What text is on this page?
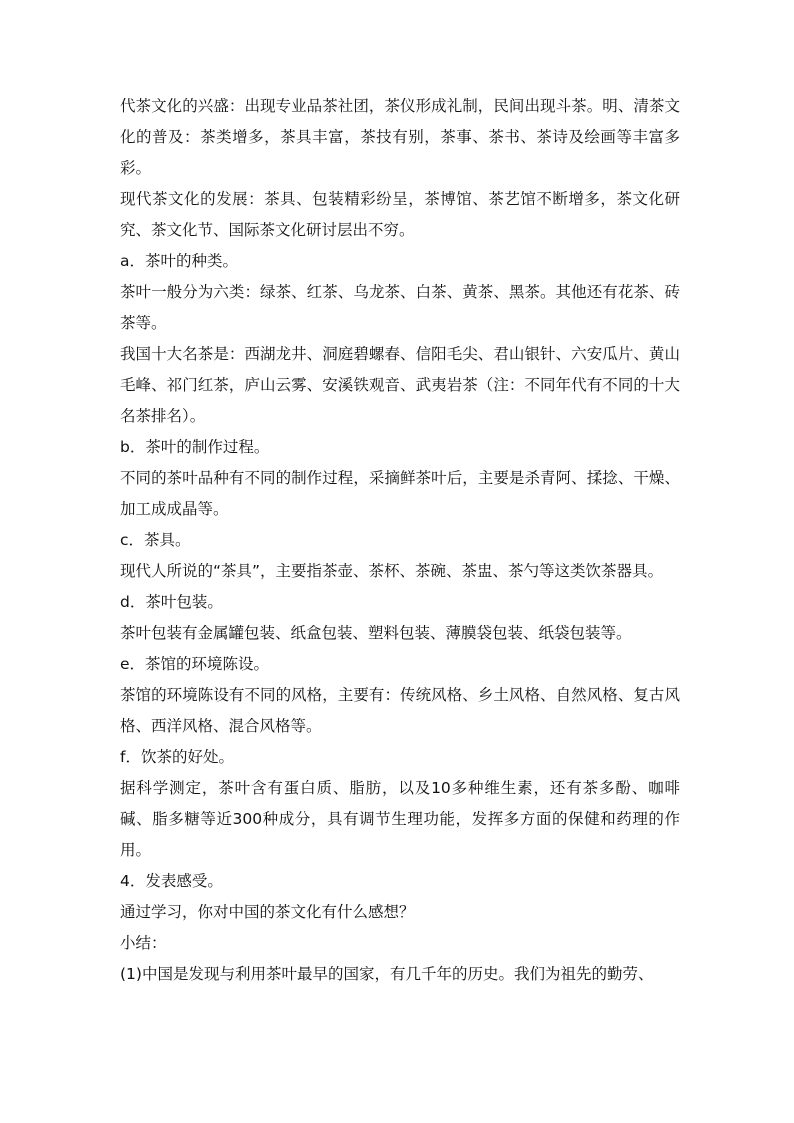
代茶文化的兴盛：出现专业品茶社团，茶仪形成礼制，民间出现斗茶。明、清茶文化的普及：茶类增多，茶具丰富，茶技有别，茶事、茶书、茶诗及绘画等丰富多彩。

现代茶文化的发展：茶具、包装精彩纷呈，茶博馆、茶艺馆不断增多，茶文化研究、茶文化节、国际茶文化研讨层出不穷。

a．茶叶的种类。

茶叶一般分为六类：绿茶、红茶、乌龙茶、白茶、黄茶、黑茶。其他还有花茶、砖茶等。

我国十大名茶是：西湖龙井、洞庭碧螺春、信阳毛尖、君山银针、六安瓜片、黄山毛峰、祁门红茶，庐山云雾、安溪铁观音、武夷岩茶（注：不同年代有不同的十大名茶排名）。

b．茶叶的制作过程。

不同的茶叶品种有不同的制作过程，采摘鲜茶叶后，主要是杀青阿、揉捻、干燥、加工成成晶等。

c．茶具。

现代人所说的“茶具”，主要指茶壶、茶杯、茶碗、茶盅、茶勺等这类饮茶器具。

d．茶叶包装。

茶叶包装有金属罐包装、纸盒包装、塑料包装、薄膜袋包装、纸袋包装等。

e．茶馆的环境陈设。

茶馆的环境陈设有不同的风格，主要有：传统风格、乡土风格、自然风格、复古风格、西洋风格、混合风格等。

f．饮茶的好处。

据科学测定，茶叶含有蛋白质、脂肪，以及10多种维生素，还有茶多酚、咖啡碱、脂多糖等近300种成分，具有调节生理功能，发挥多方面的保健和药理的作用。

4．发表感受。

通过学习，你对中国的茶文化有什么感想？

小结：

(1)中国是发现与利用茶叶最早的国家，有几千年的历史。我们为祖先的勤劳、
